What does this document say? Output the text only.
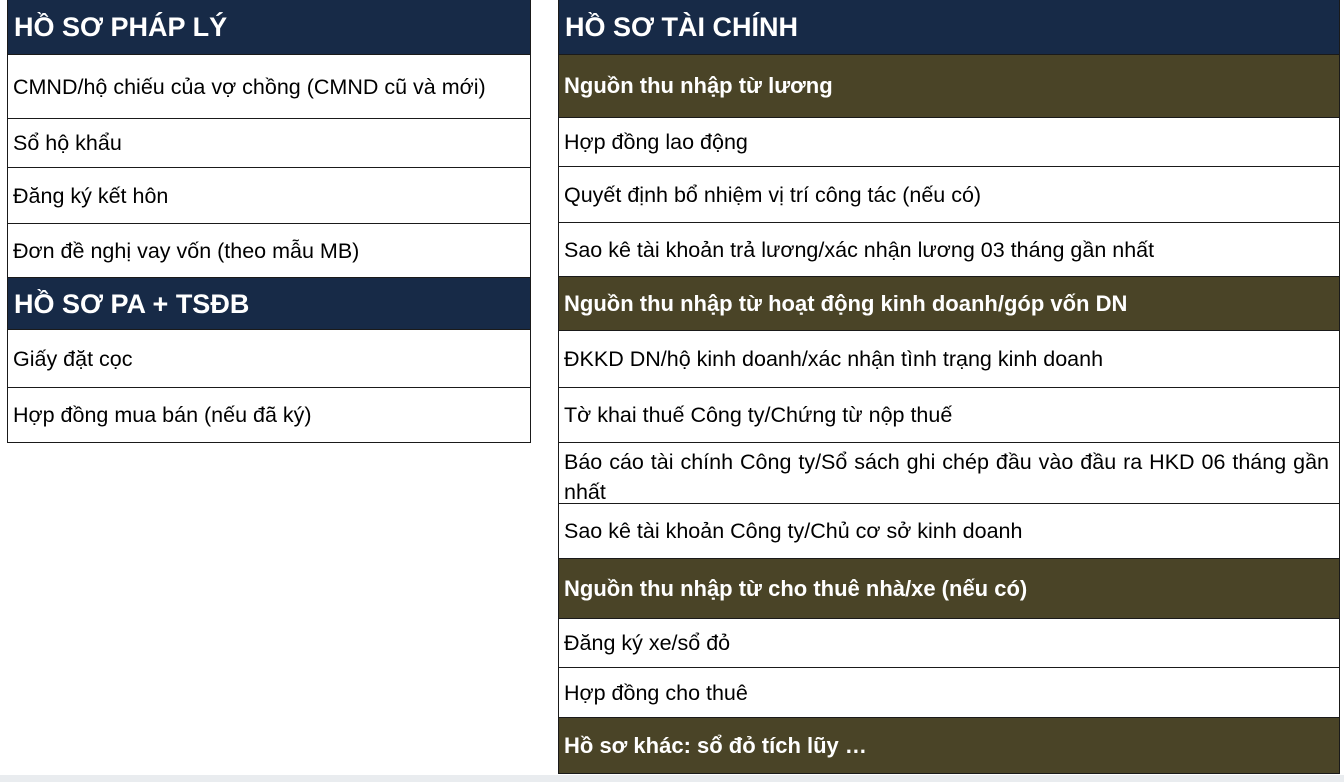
HỒ SƠ PHÁP LÝ
CMND/hộ chiếu của vợ chồng (CMND cũ và mới)
Sổ hộ khẩu
Đăng ký kết hôn
Đơn đề nghị vay vốn (theo mẫu MB)
HỒ SƠ PA + TSĐB
Giấy đặt cọc
Hợp đồng mua bán (nếu đã ký)
HỒ SƠ TÀI CHÍNH
Nguồn thu nhập từ lương
Hợp đồng lao động
Quyết định bổ nhiệm vị trí công tác (nếu có)
Sao kê tài khoản trả lương/xác nhận lương 03 tháng gần nhất
Nguồn thu nhập từ hoạt động kinh doanh/góp vốn DN
ĐKKD DN/hộ kinh doanh/xác nhận tình trạng kinh doanh
Tờ khai thuế Công ty/Chứng từ nộp thuế
Báo cáo tài chính Công ty/Sổ sách ghi chép đầu vào đầu ra HKD 06 tháng gần nhất
Sao kê tài khoản Công ty/Chủ cơ sở kinh doanh
Nguồn thu nhập từ cho thuê nhà/xe (nếu có)
Đăng ký xe/sổ đỏ
Hợp đồng cho thuê
Hồ sơ khác: sổ đỏ tích lũy …
